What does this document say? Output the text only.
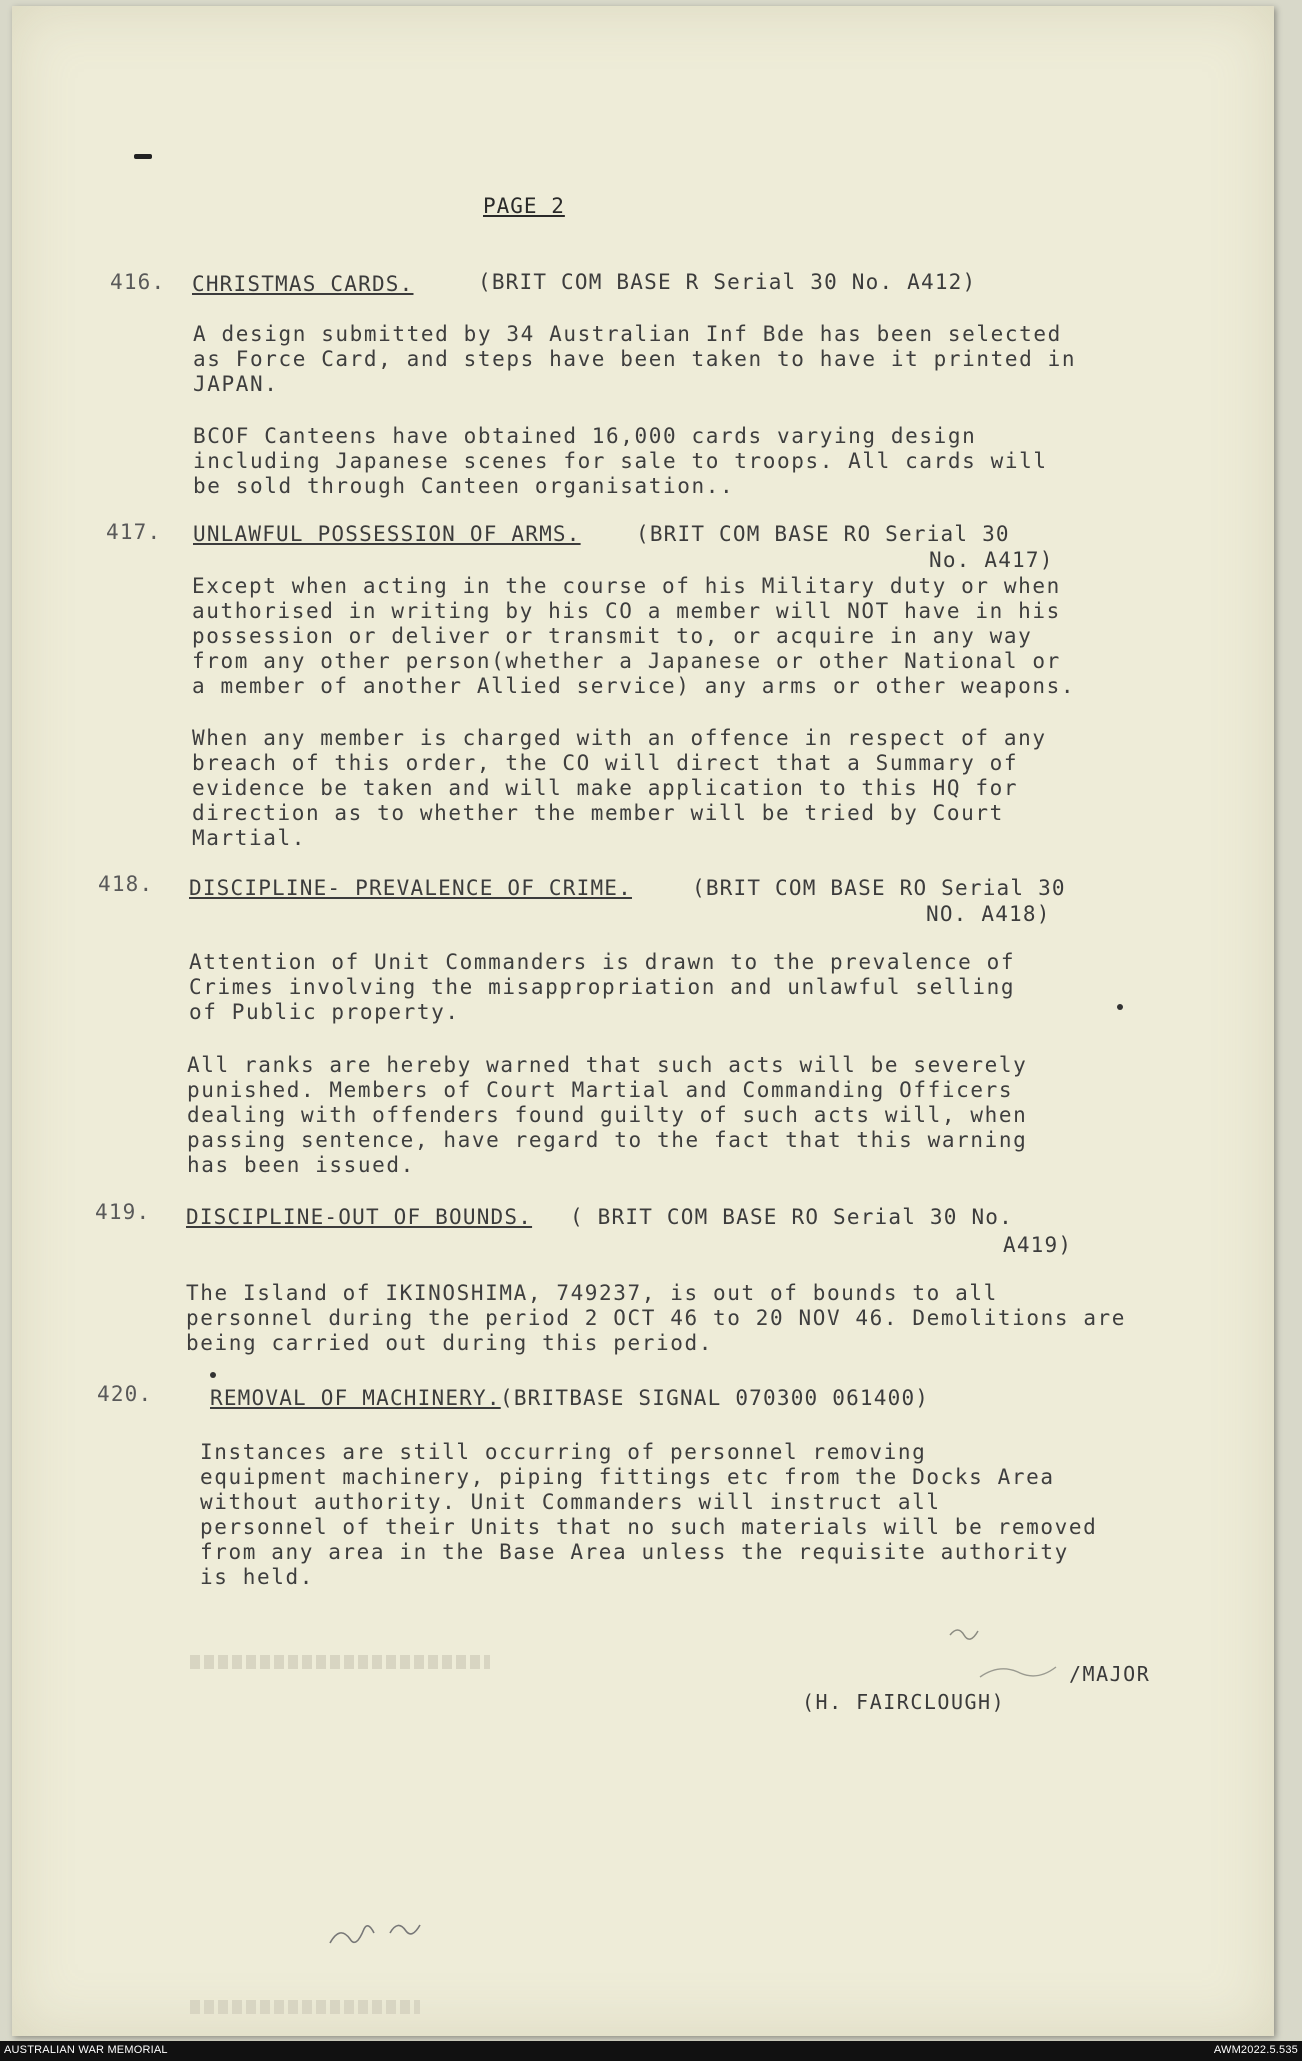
PAGE 2
416. CHRISTMAS CARDS.	(BRIT COM BASE R Serial 30 No. A412)
A design submitted by 34 Australian Inf Bde has been selected
as Force Card, and steps have been taken to have it printed in
JAPAN.
BCOF Canteens have obtained 16,000 cards varying design
including Japanese scenes for sale to troops. All cards will
be sold through Canteen organisation..
417. UNLAWFUL POSSESSION OF ARMS.	(BRIT COM BASE RO Serial 30
No. A417)
Except when acting in the course of his Military duty or when
authorised in writing by his CO a member will NOT have in his
possession or deliver or transmit to, or acquire in any way
from any other person(whether a Japanese or other National or
a member of another Allied service) any arms or other weapons.
When any member is charged with an offence in respect of any
breach of this order, the CO will direct that a Summary of
evidence be taken and will make application to this HQ for
direction as to whether the member will be tried by Court
Martial.
418. DISCIPLINE- PREVALENCE OF CRIME.	(BRIT COM BASE RO Serial 30
NO. A418)
Attention of Unit Commanders is drawn to the prevalence of
Crimes involving the misappropriation and unlawful selling
of Public property.
All ranks are hereby warned that such acts will be severely
punished. Members of Court Martial and Commanding Officers
dealing with offenders found guilty of such acts will, when
passing sentence, have regard to the fact that this warning
has been issued.
419. DISCIPLINE-OUT OF BOUNDS. ( BRIT COM BASE RO Serial 30 No.
A419)
The Island of IKINOSHIMA, 749237, is out of bounds to all
personnel during the period 2 OCT 46 to 20 NOV 46. Demolitions are
being carried out during this period.
420.	REMOVAL OF MACHINERY. (BRITBASE SIGNAL 070300 061400)
Instances are still occurring of personnel removing
equipment machinery, piping fittings etc from the Docks Area
without authority. Unit Commanders will instruct all
personnel of their Units that no such materials will be removed
from any area in the Base Area unless the requisite authority
is held.
/MAJOR
(H. FAIRCLOUGH)
AUSTRALIAN WAR MEMORIAL	AWM2022.5.535
